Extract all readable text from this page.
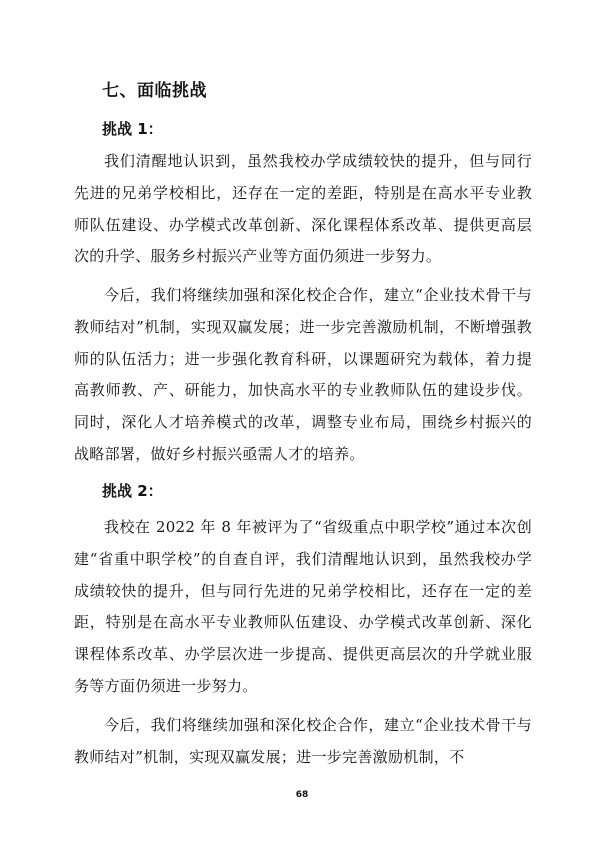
七、面临挑战
挑战 1：

我们清醒地认识到，虽然我校办学成绩较快的提升，但与同行先进的兄弟学校相比，还存在一定的差距，特别是在高水平专业教师队伍建设、办学模式改革创新、深化课程体系改革、提供更高层次的升学、服务乡村振兴产业等方面仍须进一步努力。

今后，我们将继续加强和深化校企合作，建立“企业技术骨干与教师结对”机制，实现双赢发展；进一步完善激励机制，不断增强教师的队伍活力；进一步强化教育科研，以课题研究为载体，着力提高教师教、产、研能力，加快高水平的专业教师队伍的建设步伐。同时，深化人才培养模式的改革，调整专业布局，围绕乡村振兴的战略部署，做好乡村振兴亟需人才的培养。

挑战 2：

我校在 2022 年 8 年被评为了“省级重点中职学校”通过本次创建“省重中职学校”的自查自评，我们清醒地认识到，虽然我校办学成绩较快的提升，但与同行先进的兄弟学校相比，还存在一定的差距，特别是在高水平专业教师队伍建设、办学模式改革创新、深化课程体系改革、办学层次进一步提高、提供更高层次的升学就业服务等方面仍须进一步努力。

今后，我们将继续加强和深化校企合作，建立“企业技术骨干与教师结对”机制，实现双赢发展；进一步完善激励机制，不

68
